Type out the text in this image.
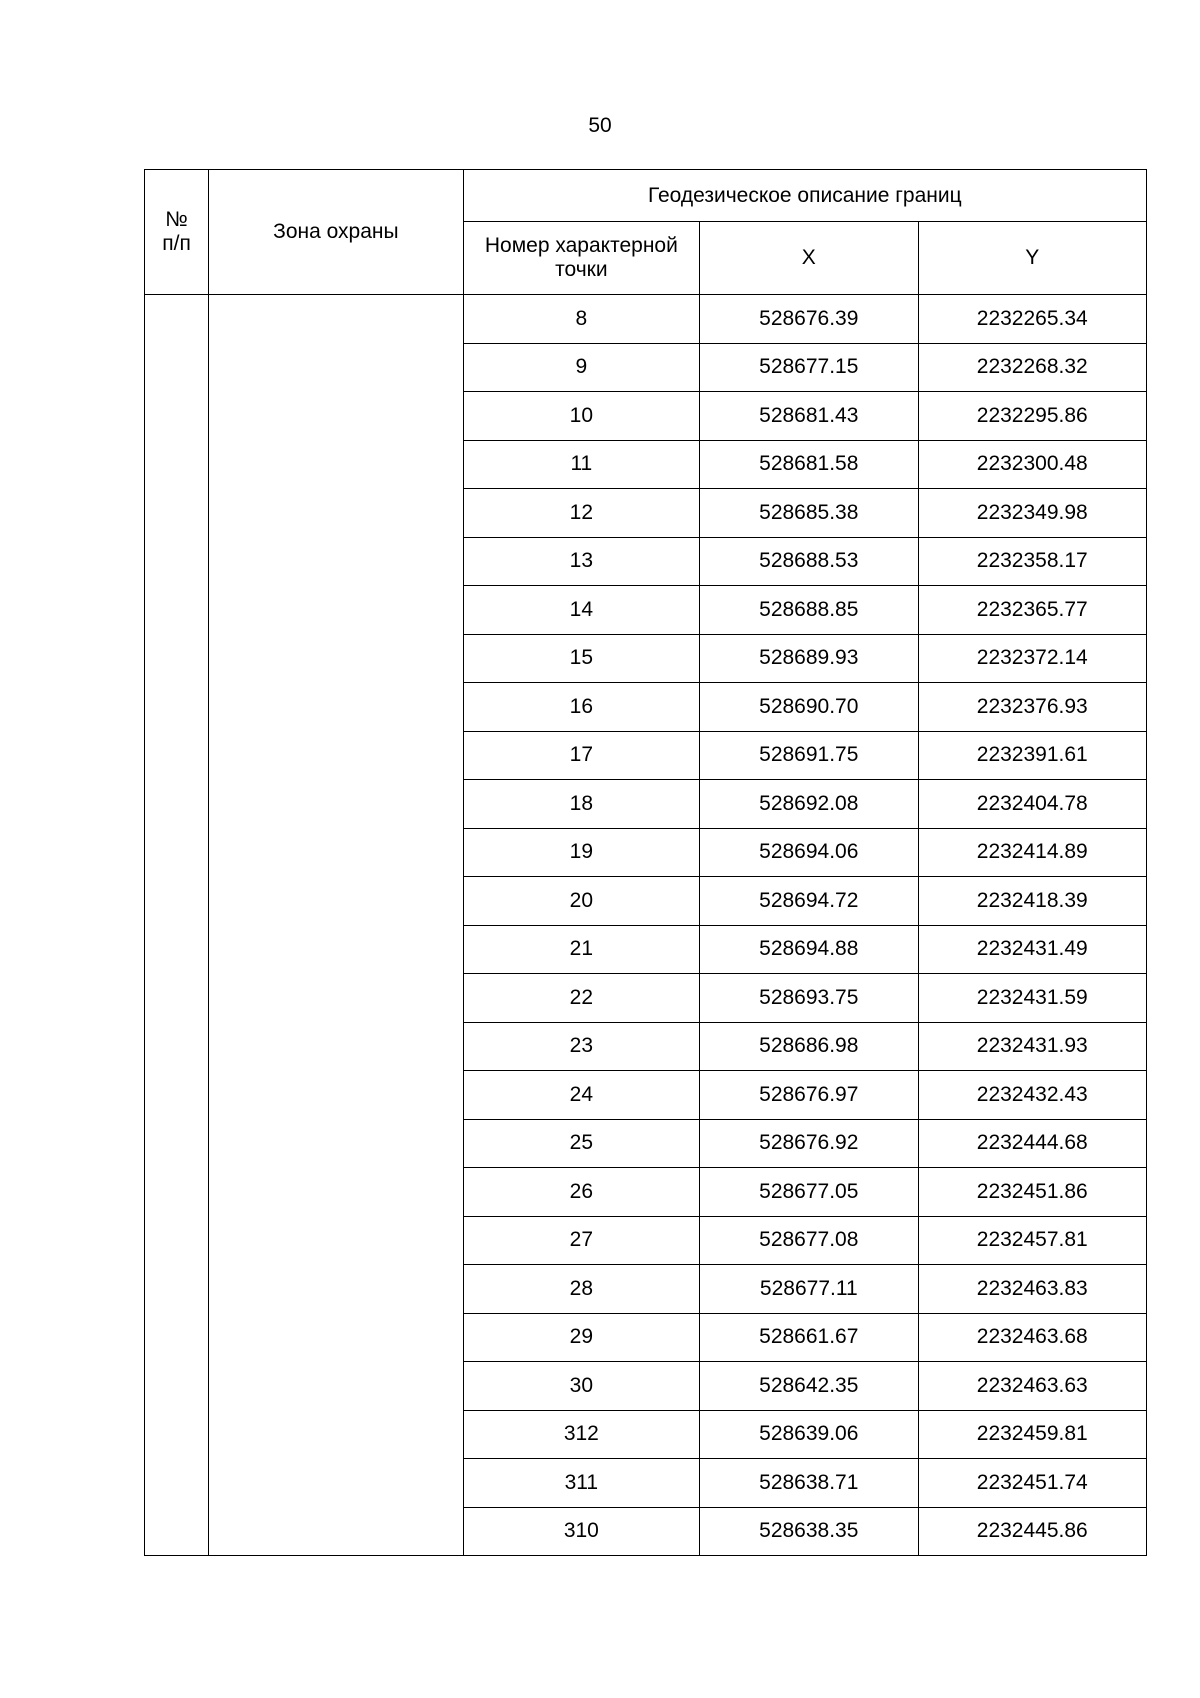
50
№
п/п	Зона охраны	Геодезическое описание границ		
		Номер характерной точки	X	Y
		8	528676.39	2232265.34
		9	528677.15	2232268.32
		10	528681.43	2232295.86
		11	528681.58	2232300.48
		12	528685.38	2232349.98
		13	528688.53	2232358.17
		14	528688.85	2232365.77
		15	528689.93	2232372.14
		16	528690.70	2232376.93
		17	528691.75	2232391.61
		18	528692.08	2232404.78
		19	528694.06	2232414.89
		20	528694.72	2232418.39
		21	528694.88	2232431.49
		22	528693.75	2232431.59
		23	528686.98	2232431.93
		24	528676.97	2232432.43
		25	528676.92	2232444.68
		26	528677.05	2232451.86
		27	528677.08	2232457.81
		28	528677.11	2232463.83
		29	528661.67	2232463.68
		30	528642.35	2232463.63
		312	528639.06	2232459.81
		311	528638.71	2232451.74
		310	528638.35	2232445.86
